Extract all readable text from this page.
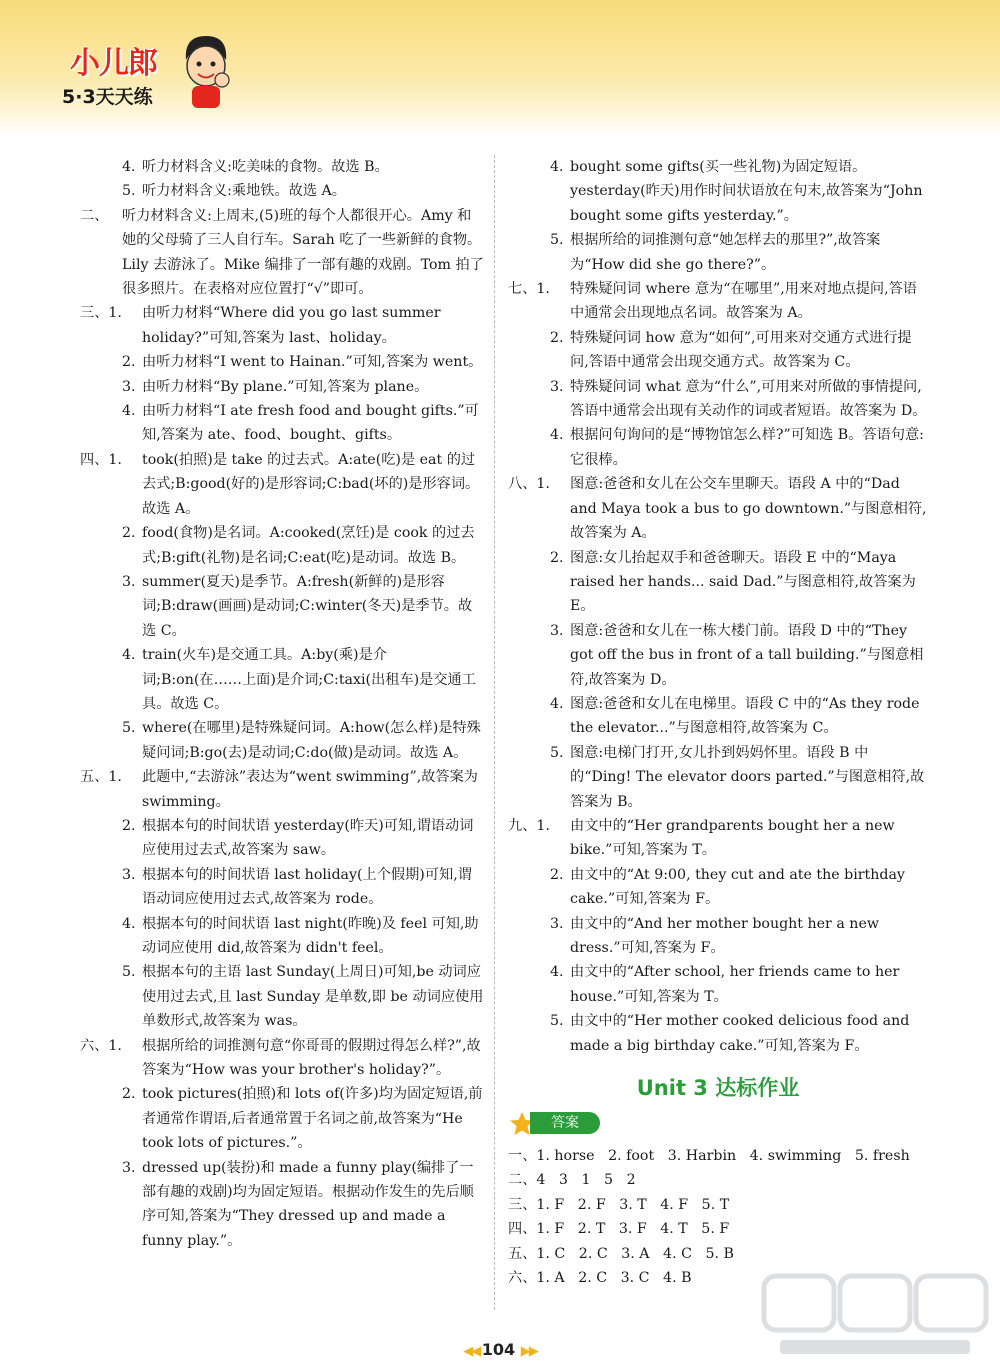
小儿郎
5·3天天练
4. 听力材料含义:吃美味的食物。故选 B。
5. 听力材料含义:乘地铁。故选 A。
二、 听力材料含义:上周末,(5)班的每个人都很开心。Amy 和她的父母骑了三人自行车。Sarah 吃了一些新鲜的食物。Lily 去游泳了。Mike 编排了一部有趣的戏剧。Tom 拍了很多照片。在表格对应位置打“√”即可。
三、1.	由听力材料“Where did you go last summer holiday?”可知,答案为 last、holiday。
2. 由听力材料“I went to Hainan.”可知,答案为 went。
3. 由听力材料“By plane.”可知,答案为 plane。
4. 由听力材料“I ate fresh food and bought gifts.”可知,答案为 ate、food、bought、gifts。
四、1.	took(拍照)是 take 的过去式。A:ate(吃)是 eat 的过去式;B:good(好的)是形容词;C:bad(坏的)是形容词。故选 A。
2. food(食物)是名词。A:cooked(烹饪)是 cook 的过去式;B:gift(礼物)是名词;C:eat(吃)是动词。故选 B。
3. summer(夏天)是季节。A:fresh(新鲜的)是形容词;B:draw(画画)是动词;C:winter(冬天)是季节。故选 C。
4. train(火车)是交通工具。A:by(乘)是介词;B:on(在……上面)是介词;C:taxi(出租车)是交通工具。故选 C。
5. where(在哪里)是特殊疑问词。A:how(怎么样)是特殊疑问词;B:go(去)是动词;C:do(做)是动词。故选 A。
五、1.	此题中,“去游泳”表达为“went swimming”,故答案为 swimming。
2. 根据本句的时间状语 yesterday(昨天)可知,谓语动词应使用过去式,故答案为 saw。
3. 根据本句的时间状语 last holiday(上个假期)可知,谓语动词应使用过去式,故答案为 rode。
4. 根据本句的时间状语 last night(昨晚)及 feel 可知,助动词应使用 did,故答案为 didn't feel。
5. 根据本句的主语 last Sunday(上周日)可知,be 动词应使用过去式,且 last Sunday 是单数,即 be 动词应使用单数形式,故答案为 was。
六、1.	根据所给的词推测句意“你哥哥的假期过得怎么样?”,故答案为“How was your brother's holiday?”。
2. took pictures(拍照)和 lots of(许多)均为固定短语,前者通常作谓语,后者通常置于名词之前,故答案为“He took lots of pictures.”。
3. dressed up(装扮)和 made a funny play(编排了一部有趣的戏剧)均为固定短语。根据动作发生的先后顺序可知,答案为“They dressed up and made a funny play.”。
4. bought some gifts(买一些礼物)为固定短语。yesterday(昨天)用作时间状语放在句末,故答案为“John bought some gifts yesterday.”。
5. 根据所给的词推测句意“她怎样去的那里?”,故答案为“How did she go there?”。
七、1.	特殊疑问词 where 意为“在哪里”,用来对地点提问,答语中通常会出现地点名词。故答案为 A。
2. 特殊疑问词 how 意为“如何”,可用来对交通方式进行提问,答语中通常会出现交通方式。故答案为 C。
3. 特殊疑问词 what 意为“什么”,可用来对所做的事情提问,答语中通常会出现有关动作的词或者短语。故答案为 D。
4. 根据问句询问的是“博物馆怎么样?”可知选 B。答语句意:它很棒。
八、1.	图意:爸爸和女儿在公交车里聊天。语段 A 中的“Dad and Maya took a bus to go downtown.”与图意相符,故答案为 A。
2. 图意:女儿抬起双手和爸爸聊天。语段 E 中的“Maya raised her hands... said Dad.”与图意相符,故答案为 E。
3. 图意:爸爸和女儿在一栋大楼门前。语段 D 中的“They got off the bus in front of a tall building.”与图意相符,故答案为 D。
4. 图意:爸爸和女儿在电梯里。语段 C 中的“As they rode the elevator...”与图意相符,故答案为 C。
5. 图意:电梯门打开,女儿扑到妈妈怀里。语段 B 中的“Ding! The elevator doors parted.”与图意相符,故答案为 B。
九、1.	由文中的“Her grandparents bought her a new bike.”可知,答案为 T。
2. 由文中的“At 9:00, they cut and ate the birthday cake.”可知,答案为 F。
3. 由文中的“And her mother bought her a new dress.”可知,答案为 F。
4. 由文中的“After school, her friends came to her house.”可知,答案为 T。
5. 由文中的“Her mother cooked delicious food and made a big birthday cake.”可知,答案为 F。
Unit 3 达标作业
答案
一、1. horse   2. foot   3. Harbin   4. swimming   5. fresh
二、4   3   1   5   2
三、1. F   2. F   3. T   4. F   5. T
四、1. F   2. T   3. F   4. T   5. F
五、1. C   2. C   3. A   4. C   5. B
六、1. A   2. C   3. C   4. B
◀◀ 104 ▶▶
